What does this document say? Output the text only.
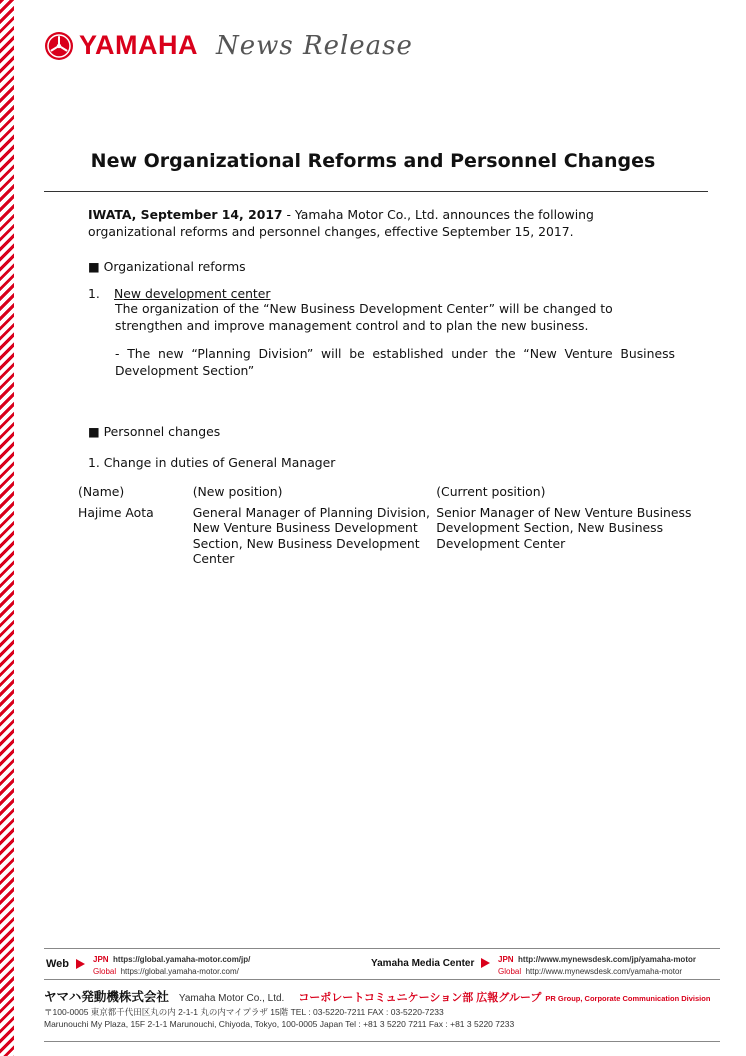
YAMAHA News Release
New Organizational Reforms and Personnel Changes
IWATA, September 14, 2017 - Yamaha Motor Co., Ltd. announces the following organizational reforms and personnel changes, effective September 15, 2017.
■ Organizational reforms
1. New development center
The organization of the “New Business Development Center” will be changed to strengthen and improve management control and to plan the new business.
- The new “Planning Division” will be established under the “New Venture Business Development Section”
■ Personnel changes
1. Change in duties of General Manager
(Name)	(New position)	(Current position)
Hajime Aota	General Manager of Planning Division, New Venture Business Development Section, New Business Development Center	Senior Manager of New Venture Business Development Section, New Business Development Center
Web	JPN https://global.yamaha-motor.com/jp/
Global https://global.yamaha-motor.com/
Yamaha Media Center	JPN http://www.mynewsdesk.com/jp/yamaha-motor
Global http://www.mynewsdesk.com/yamaha-motor
ヤマハ発動機株式会社 Yamaha Motor Co., Ltd. コーポレートコミュニケーション部 広報グループ PR Group, Corporate Communication Division
〒100-0005 東京都千代田区丸の内 2-1-1 丸の内マイプラザ 15階 TEL : 03-5220-7211 FAX : 03-5220-7233
Marunouchi My Plaza, 15F 2-1-1 Marunouchi, Chiyoda, Tokyo, 100-0005 Japan Tel : +81 3 5220 7211 Fax : +81 3 5220 7233
